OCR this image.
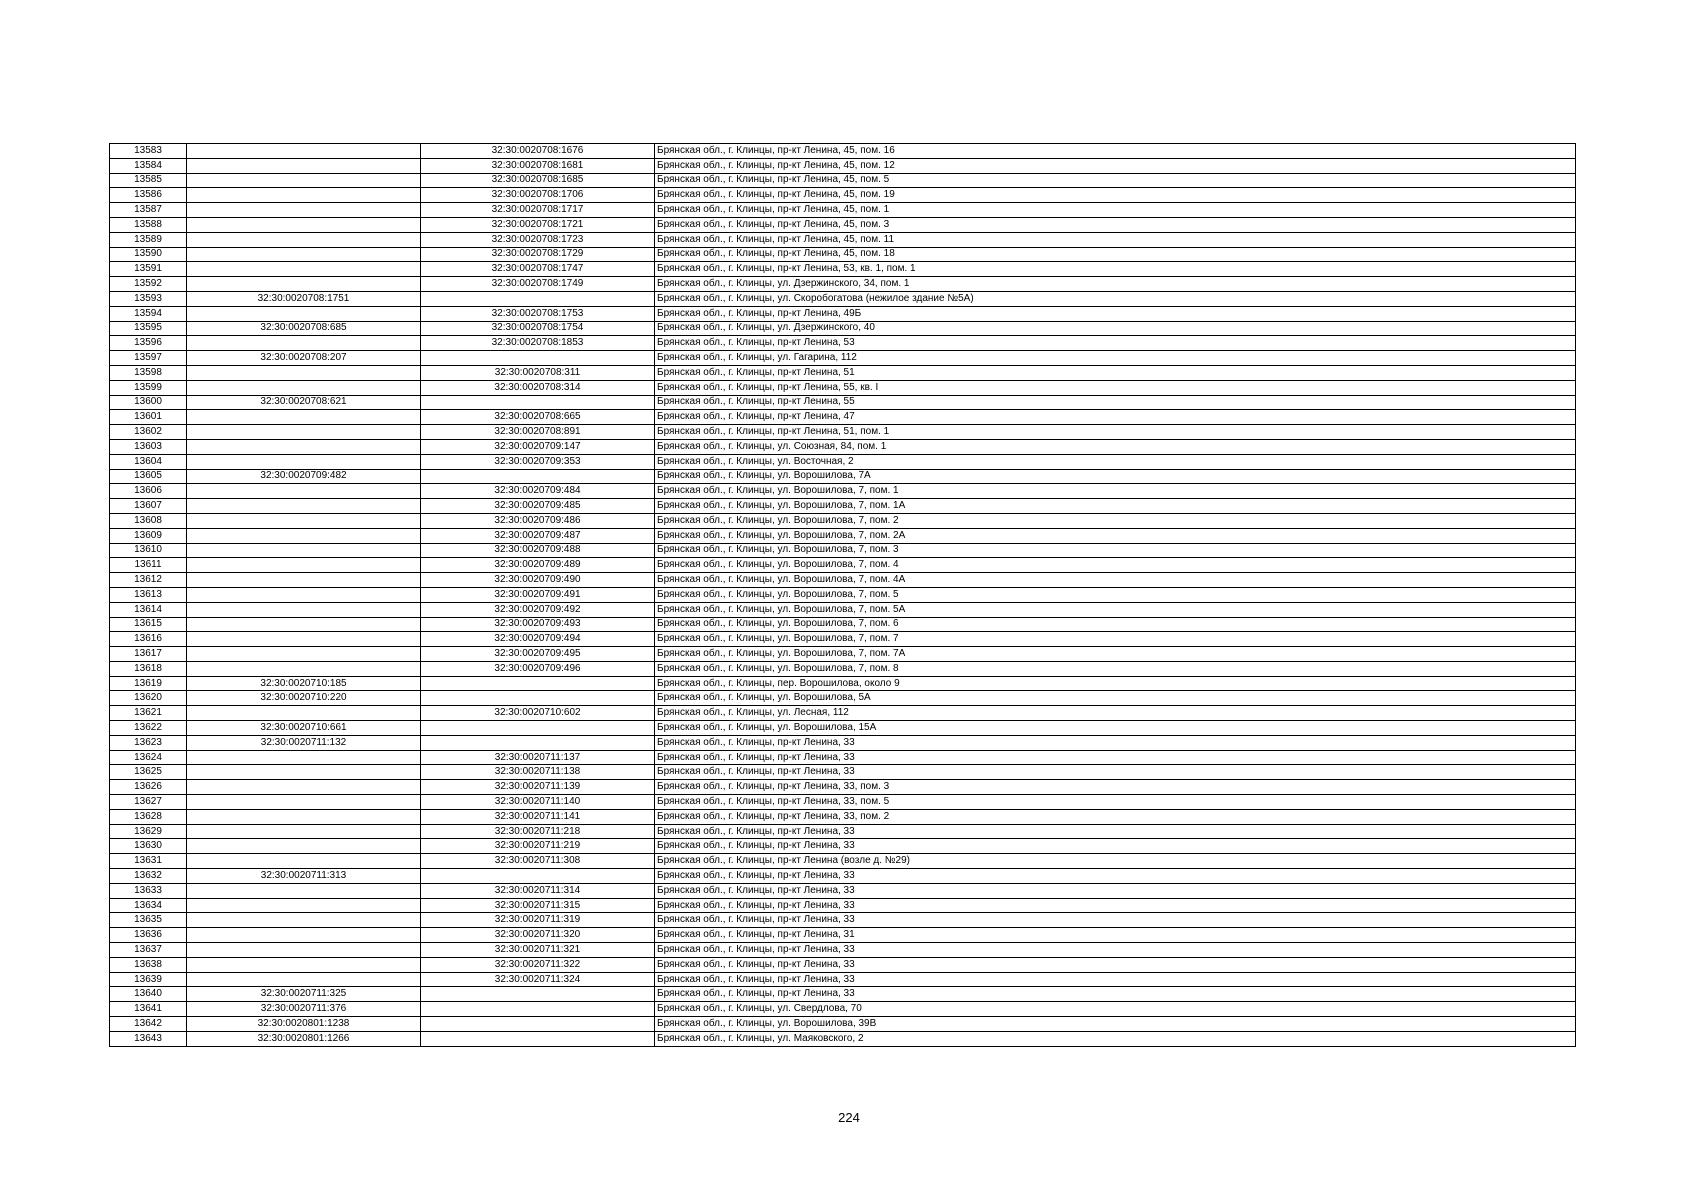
13583		32:30:0020708:1676	Брянская обл., г. Клинцы, пр-кт Ленина, 45, пом. 16
13584		32:30:0020708:1681	Брянская обл., г. Клинцы, пр-кт Ленина, 45, пом. 12
13585		32:30:0020708:1685	Брянская обл., г. Клинцы, пр-кт Ленина, 45, пом. 5
13586		32:30:0020708:1706	Брянская обл., г. Клинцы, пр-кт Ленина, 45, пом. 19
13587		32:30:0020708:1717	Брянская обл., г. Клинцы, пр-кт Ленина, 45, пом. 1
13588		32:30:0020708:1721	Брянская обл., г. Клинцы, пр-кт Ленина, 45, пом. 3
13589		32:30:0020708:1723	Брянская обл., г. Клинцы, пр-кт Ленина, 45, пом. 11
13590		32:30:0020708:1729	Брянская обл., г. Клинцы, пр-кт Ленина, 45, пом. 18
13591		32:30:0020708:1747	Брянская обл., г. Клинцы, пр-кт Ленина, 53, кв. 1, пом. 1
13592		32:30:0020708:1749	Брянская обл., г. Клинцы, ул. Дзержинского, 34, пом. 1
13593	32:30:0020708:1751		Брянская обл., г. Клинцы, ул. Скоробогатова (нежилое здание №5А)
13594		32:30:0020708:1753	Брянская обл., г. Клинцы, пр-кт Ленина, 49Б
13595	32:30:0020708:685	32:30:0020708:1754	Брянская обл., г. Клинцы, ул. Дзержинского, 40
13596		32:30:0020708:1853	Брянская обл., г. Клинцы, пр-кт Ленина, 53
13597	32:30:0020708:207		Брянская обл., г. Клинцы, ул. Гагарина, 112
13598		32:30:0020708:311	Брянская обл., г. Клинцы, пр-кт Ленина, 51
13599		32:30:0020708:314	Брянская обл., г. Клинцы, пр-кт Ленина, 55, кв. I
13600	32:30:0020708:621		Брянская обл., г. Клинцы, пр-кт Ленина, 55
13601		32:30:0020708:665	Брянская обл., г. Клинцы, пр-кт Ленина, 47
13602		32:30:0020708:891	Брянская обл., г. Клинцы, пр-кт Ленина, 51, пом. 1
13603		32:30:0020709:147	Брянская обл., г. Клинцы, ул. Союзная, 84, пом. 1
13604		32:30:0020709:353	Брянская обл., г. Клинцы, ул. Восточная, 2
13605	32:30:0020709:482		Брянская обл., г. Клинцы, ул. Ворошилова, 7А
13606		32:30:0020709:484	Брянская обл., г. Клинцы, ул. Ворошилова, 7, пом. 1
13607		32:30:0020709:485	Брянская обл., г. Клинцы, ул. Ворошилова, 7, пом. 1А
13608		32:30:0020709:486	Брянская обл., г. Клинцы, ул. Ворошилова, 7, пом. 2
13609		32:30:0020709:487	Брянская обл., г. Клинцы, ул. Ворошилова, 7, пом. 2А
13610		32:30:0020709:488	Брянская обл., г. Клинцы, ул. Ворошилова, 7, пом. 3
13611		32:30:0020709:489	Брянская обл., г. Клинцы, ул. Ворошилова, 7, пом. 4
13612		32:30:0020709:490	Брянская обл., г. Клинцы, ул. Ворошилова, 7, пом. 4А
13613		32:30:0020709:491	Брянская обл., г. Клинцы, ул. Ворошилова, 7, пом. 5
13614		32:30:0020709:492	Брянская обл., г. Клинцы, ул. Ворошилова, 7, пом. 5А
13615		32:30:0020709:493	Брянская обл., г. Клинцы, ул. Ворошилова, 7, пом. 6
13616		32:30:0020709:494	Брянская обл., г. Клинцы, ул. Ворошилова, 7, пом. 7
13617		32:30:0020709:495	Брянская обл., г. Клинцы, ул. Ворошилова, 7, пом. 7А
13618		32:30:0020709:496	Брянская обл., г. Клинцы, ул. Ворошилова, 7, пом. 8
13619	32:30:0020710:185		Брянская обл., г. Клинцы, пер. Ворошилова, около 9
13620	32:30:0020710:220		Брянская обл., г. Клинцы, ул. Ворошилова, 5А
13621		32:30:0020710:602	Брянская обл., г. Клинцы, ул. Лесная, 112
13622	32:30:0020710:661		Брянская обл., г. Клинцы, ул. Ворошилова, 15А
13623	32:30:0020711:132		Брянская обл., г. Клинцы, пр-кт Ленина, 33
13624		32:30:0020711:137	Брянская обл., г. Клинцы, пр-кт Ленина, 33
13625		32:30:0020711:138	Брянская обл., г. Клинцы, пр-кт Ленина, 33
13626		32:30:0020711:139	Брянская обл., г. Клинцы, пр-кт Ленина, 33, пом. 3
13627		32:30:0020711:140	Брянская обл., г. Клинцы, пр-кт Ленина, 33, пом. 5
13628		32:30:0020711:141	Брянская обл., г. Клинцы, пр-кт Ленина, 33, пом. 2
13629		32:30:0020711:218	Брянская обл., г. Клинцы, пр-кт Ленина, 33
13630		32:30:0020711:219	Брянская обл., г. Клинцы, пр-кт Ленина, 33
13631		32:30:0020711:308	Брянская обл., г. Клинцы, пр-кт Ленина (возле д. №29)
13632	32:30:0020711:313		Брянская обл., г. Клинцы, пр-кт Ленина, 33
13633		32:30:0020711:314	Брянская обл., г. Клинцы, пр-кт Ленина, 33
13634		32:30:0020711:315	Брянская обл., г. Клинцы, пр-кт Ленина, 33
13635		32:30:0020711:319	Брянская обл., г. Клинцы, пр-кт Ленина, 33
13636		32:30:0020711:320	Брянская обл., г. Клинцы, пр-кт Ленина, 31
13637		32:30:0020711:321	Брянская обл., г. Клинцы, пр-кт Ленина, 33
13638		32:30:0020711:322	Брянская обл., г. Клинцы, пр-кт Ленина, 33
13639		32:30:0020711:324	Брянская обл., г. Клинцы, пр-кт Ленина, 33
13640	32:30:0020711:325		Брянская обл., г. Клинцы, пр-кт Ленина, 33
13641	32:30:0020711:376		Брянская обл., г. Клинцы, ул. Свердлова, 70
13642	32:30:0020801:1238		Брянская обл., г. Клинцы, ул. Ворошилова, 39В
13643	32:30:0020801:1266		Брянская обл., г. Клинцы, ул. Маяковского, 2
224
